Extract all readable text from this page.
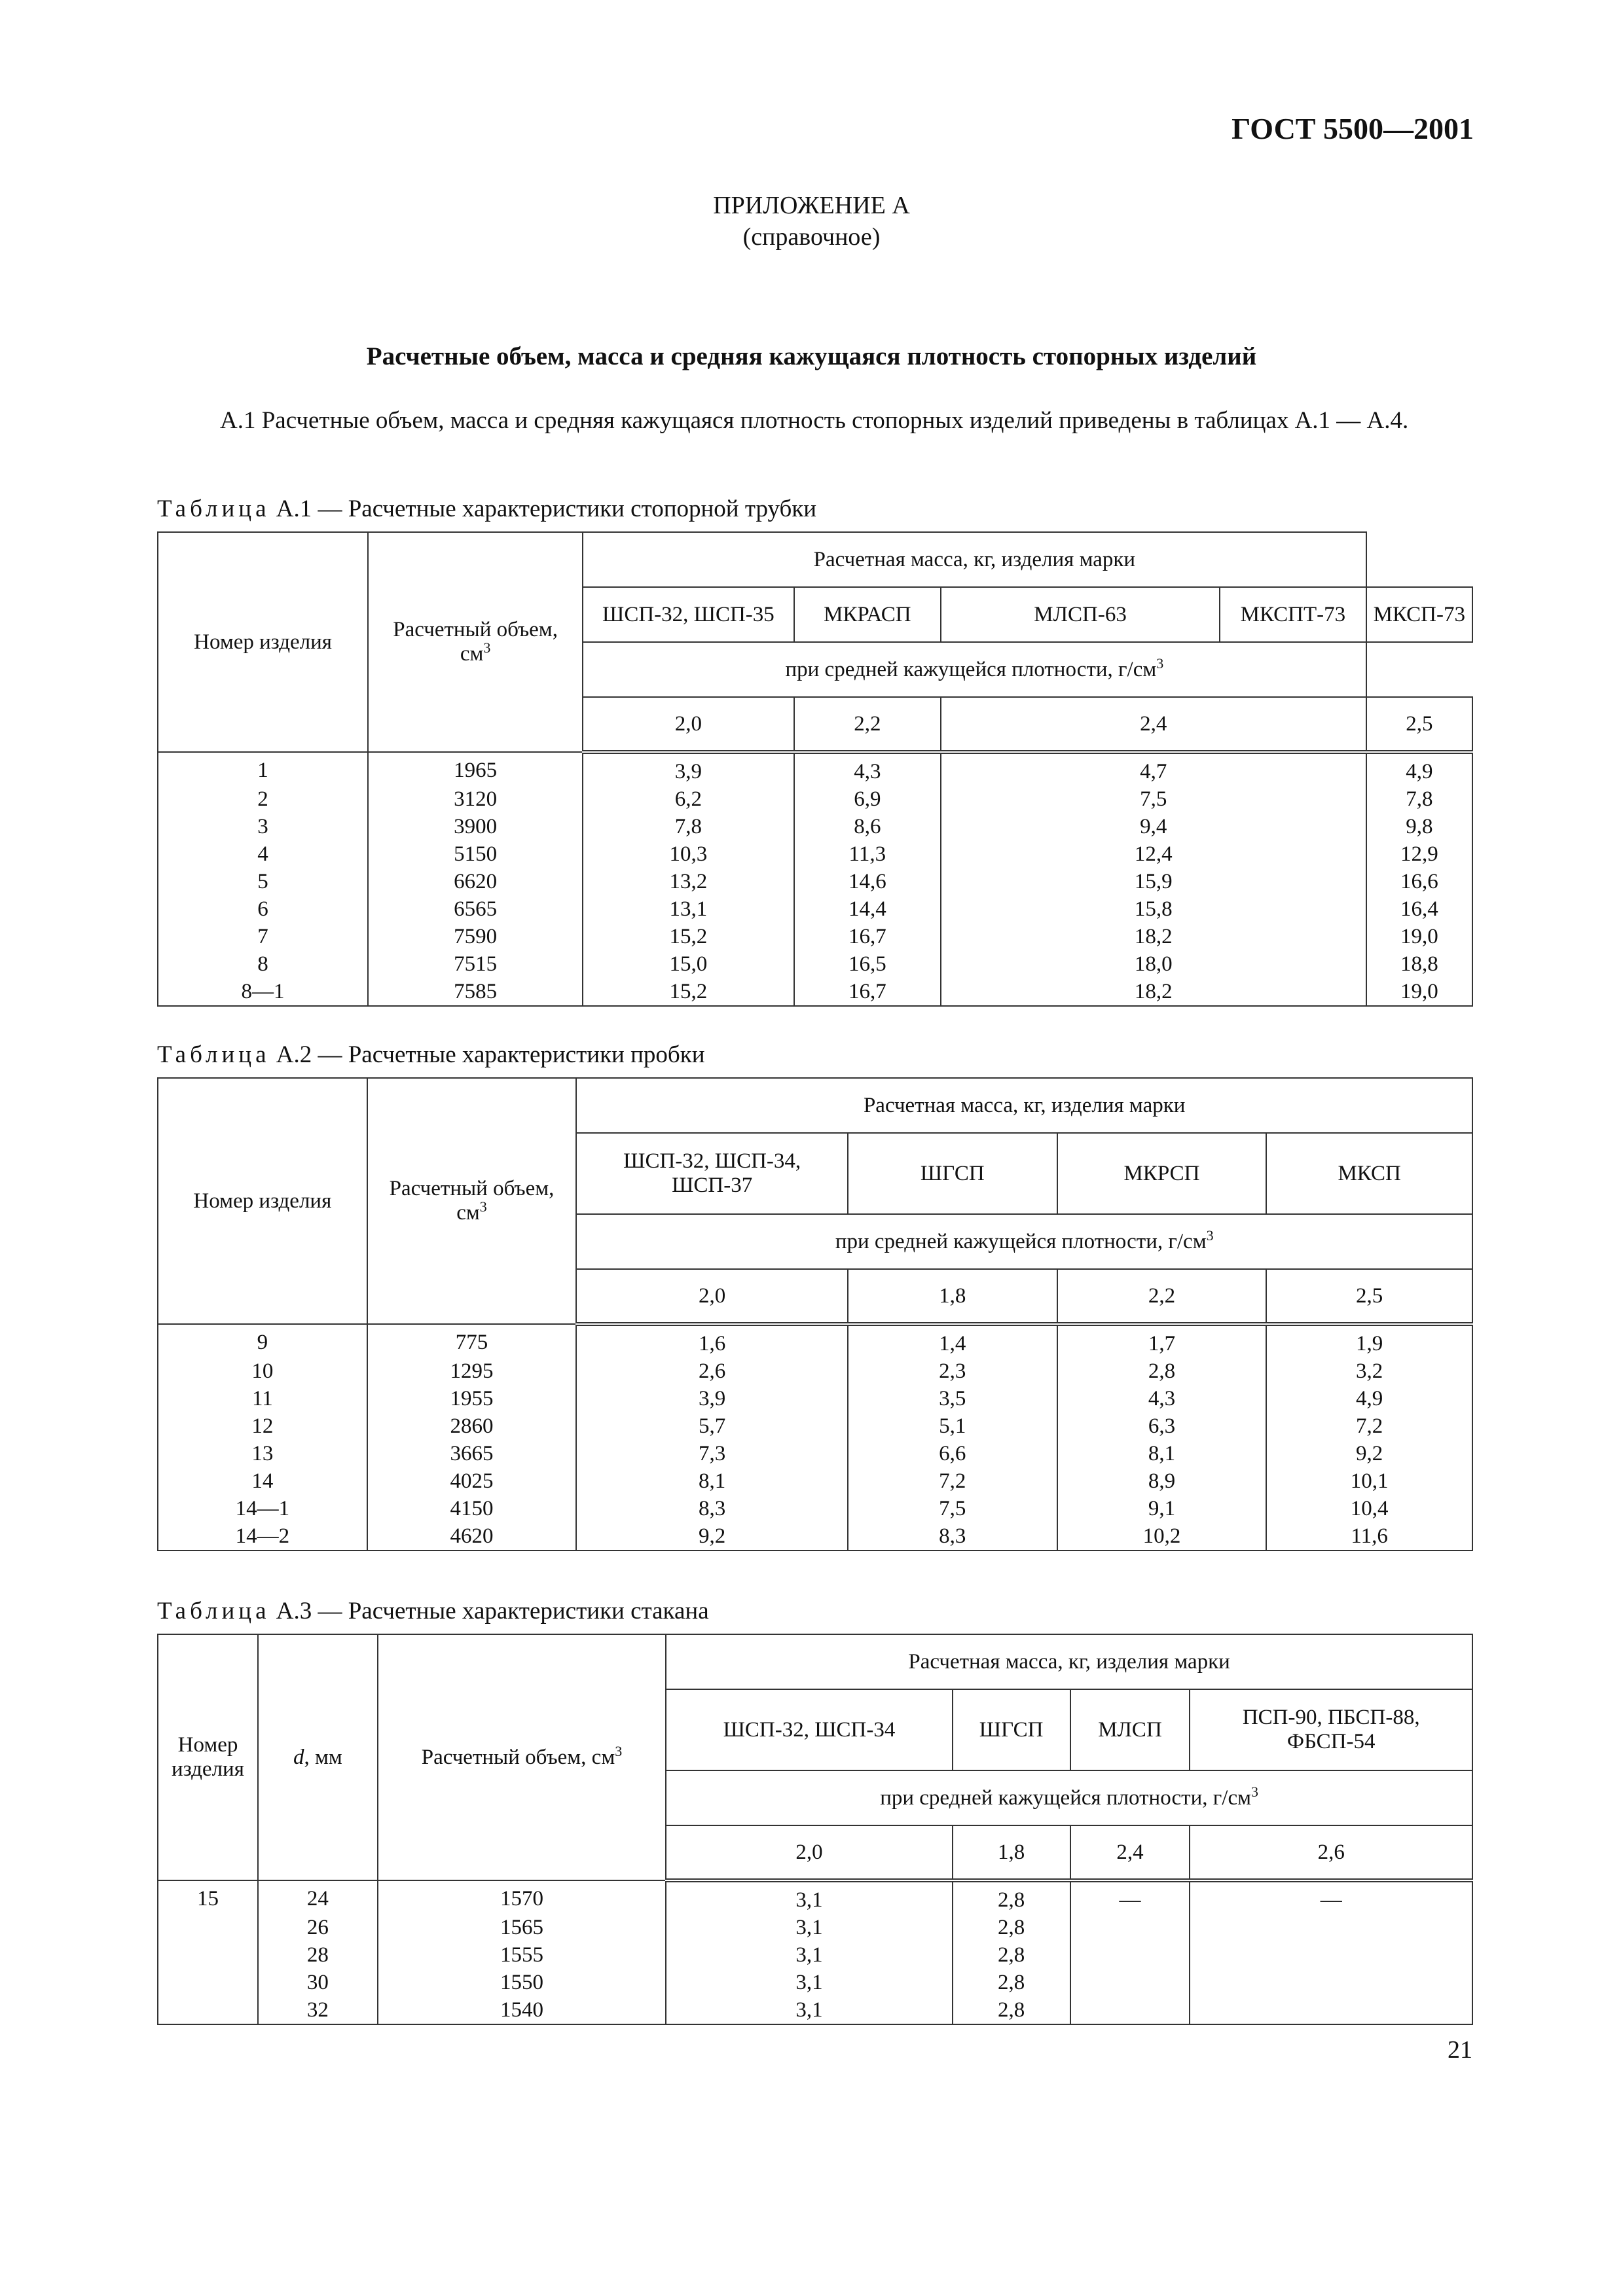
ГОСТ 5500—2001
ПРИЛОЖЕНИЕ А
(справочное)
Расчетные объем, масса и средняя кажущаяся плотность стопорных изделий
А.1 Расчетные объем, масса и средняя кажущаяся плотность стопорных изделий приведены в таблицах А.1 — А.4.
Таблица А.1 — Расчетные характеристики стопорной трубки
Номер изделия	Расчетный объем,
$см^3$	Расчетная масса, кг, изделия марки				
		ШСП-32, ШСП-35	МКРАСП	МЛСП-63	МКСПТ-73	МКСП-73
		при средней кажущейся плотности, $г/см^3$
		2,0	2,2	2,4		2,5
1	1965	3,9	4,3	4,7		4,9
2	3120	6,2	6,9	7,5		7,8
3	3900	7,8	8,6	9,4		9,8
4	5150	10,3	11,3	12,4		12,9
5	6620	13,2	14,6	15,9		16,6
6	6565	13,1	14,4	15,8		16,4
7	7590	15,2	16,7	18,2		19,0
8	7515	15,0	16,5	18,0		18,8
8—1	7585	15,2	16,7	18,2		19,0
Таблица А.2 — Расчетные характеристики пробки
Номер изделия	Расчетный объем,
$см^3$	Расчетная масса, кг, изделия марки			
		ШСП-32, ШСП-34, ШСП-37	ШГСП	МКРСП	МКСП
		при средней кажущейся плотности, $г/см^3$
		2,0	1,8	2,2	2,5
9	775	1,6	1,4	1,7	1,9
10	1295	2,6	2,3	2,8	3,2
11	1955	3,9	3,5	4,3	4,9
12	2860	5,7	5,1	6,3	7,2
13	3665	7,3	6,6	8,1	9,2
14	4025	8,1	7,2	8,9	10,1
14—1	4150	8,3	7,5	9,1	10,4
14—2	4620	9,2	8,3	10,2	11,6
Таблица А.3 — Расчетные характеристики стакана
Номер изделия	d, мм	Расчетный объем, $см^3$	Расчетная масса, кг, изделия марки			
			ШСП-32, ШСП-34	ШГСП	МЛСП	ПСП-90, ПБСП-88, ФБСП-54
			при средней кажущейся плотности, $г/см^3$
			2,0	1,8	2,4	2,6
15	24	1570	3,1	2,8	—	—
	26	1565	3,1	2,8		
	28	1555	3,1	2,8		
	30	1550	3,1	2,8		
	32	1540	3,1	2,8		
21
